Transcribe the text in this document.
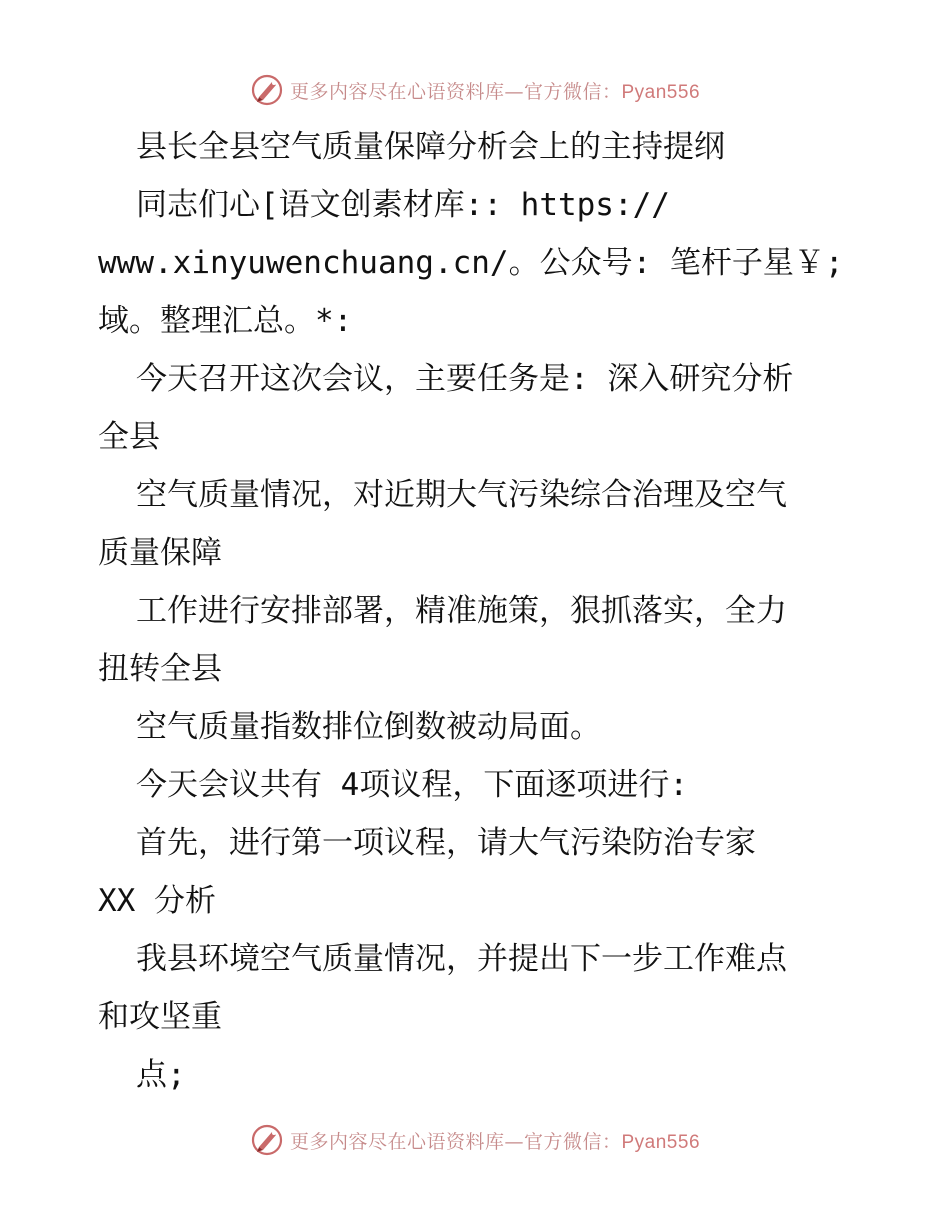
更多内容尽在心语资料库—官方微信：Pyan556
县长全县空气质量保障分析会上的主持提纲
同志们心[语文创素材库:: https://
www.xinyuwenchuang.cn/。公众号: 笔杆子星￥;
域。整理汇总。*:
今天召开这次会议，主要任务是: 深入研究分析
全县
空气质量情况，对近期大气污染综合治理及空气
质量保障
工作进行安排部署，精准施策，狠抓落实，全力
扭转全县
空气质量指数排位倒数被动局面。
今天会议共有 4项议程，下面逐项进行:
首先，进行第一项议程，请大气污染防治专家
XX 分析
我县环境空气质量情况，并提出下一步工作难点
和攻坚重
点;
更多内容尽在心语资料库—官方微信：Pyan556
